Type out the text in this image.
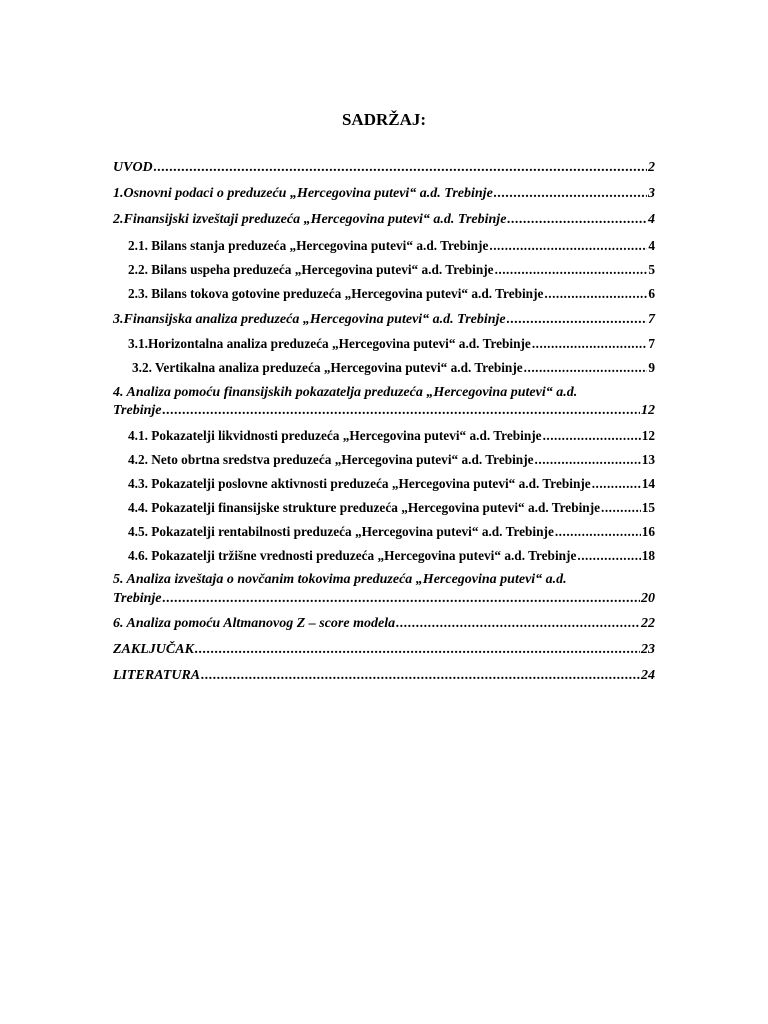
SADRŽAJ:
UVOD .....	2
1.Osnovni podaci o preduzeću „Hercegovina putevi“ a.d. Trebinje .....	3
2.Finansijski izveštaji preduzeća „Hercegovina putevi“ a.d. Trebinje .....	4
2.1. Bilans stanja preduzeća „Hercegovina putevi“ a.d. Trebinje .....	4
2.2. Bilans uspeha preduzeća „Hercegovina putevi“ a.d. Trebinje .....	5
2.3. Bilans tokova gotovine preduzeća „Hercegovina putevi“ a.d. Trebinje .....	6
3.Finansijska analiza preduzeća „Hercegovina putevi“ a.d. Trebinje .....	7
3.1.Horizontalna analiza preduzeća „Hercegovina putevi“ a.d. Trebinje .....	7
3.2. Vertikalna analiza preduzeća „Hercegovina putevi“ a.d. Trebinje .....	9
4. Analiza pomoću finansijskih pokazatelja preduzeća „Hercegovina putevi“ a.d.
Trebinje .....	12
4.1. Pokazatelji likvidnosti preduzeća „Hercegovina putevi“ a.d. Trebinje .....	12
4.2. Neto obrtna sredstva preduzeća „Hercegovina putevi“ a.d. Trebinje .....	13
4.3. Pokazatelji poslovne aktivnosti preduzeća „Hercegovina putevi“ a.d. Trebinje .....	14
4.4. Pokazatelji finansijske strukture preduzeća „Hercegovina putevi“ a.d. Trebinje .....	15
4.5. Pokazatelji rentabilnosti preduzeća „Hercegovina putevi“ a.d. Trebinje .....	16
4.6. Pokazatelji tržišne vrednosti preduzeća „Hercegovina putevi“ a.d. Trebinje .....	18
5. Analiza izveštaja o novčanim tokovima preduzeća „Hercegovina putevi“ a.d.
Trebinje .....	20
6. Analiza pomoću Altmanovog Z – score modela .....	22
ZAKLJUČAK .....	23
LITERATURA .....	24
